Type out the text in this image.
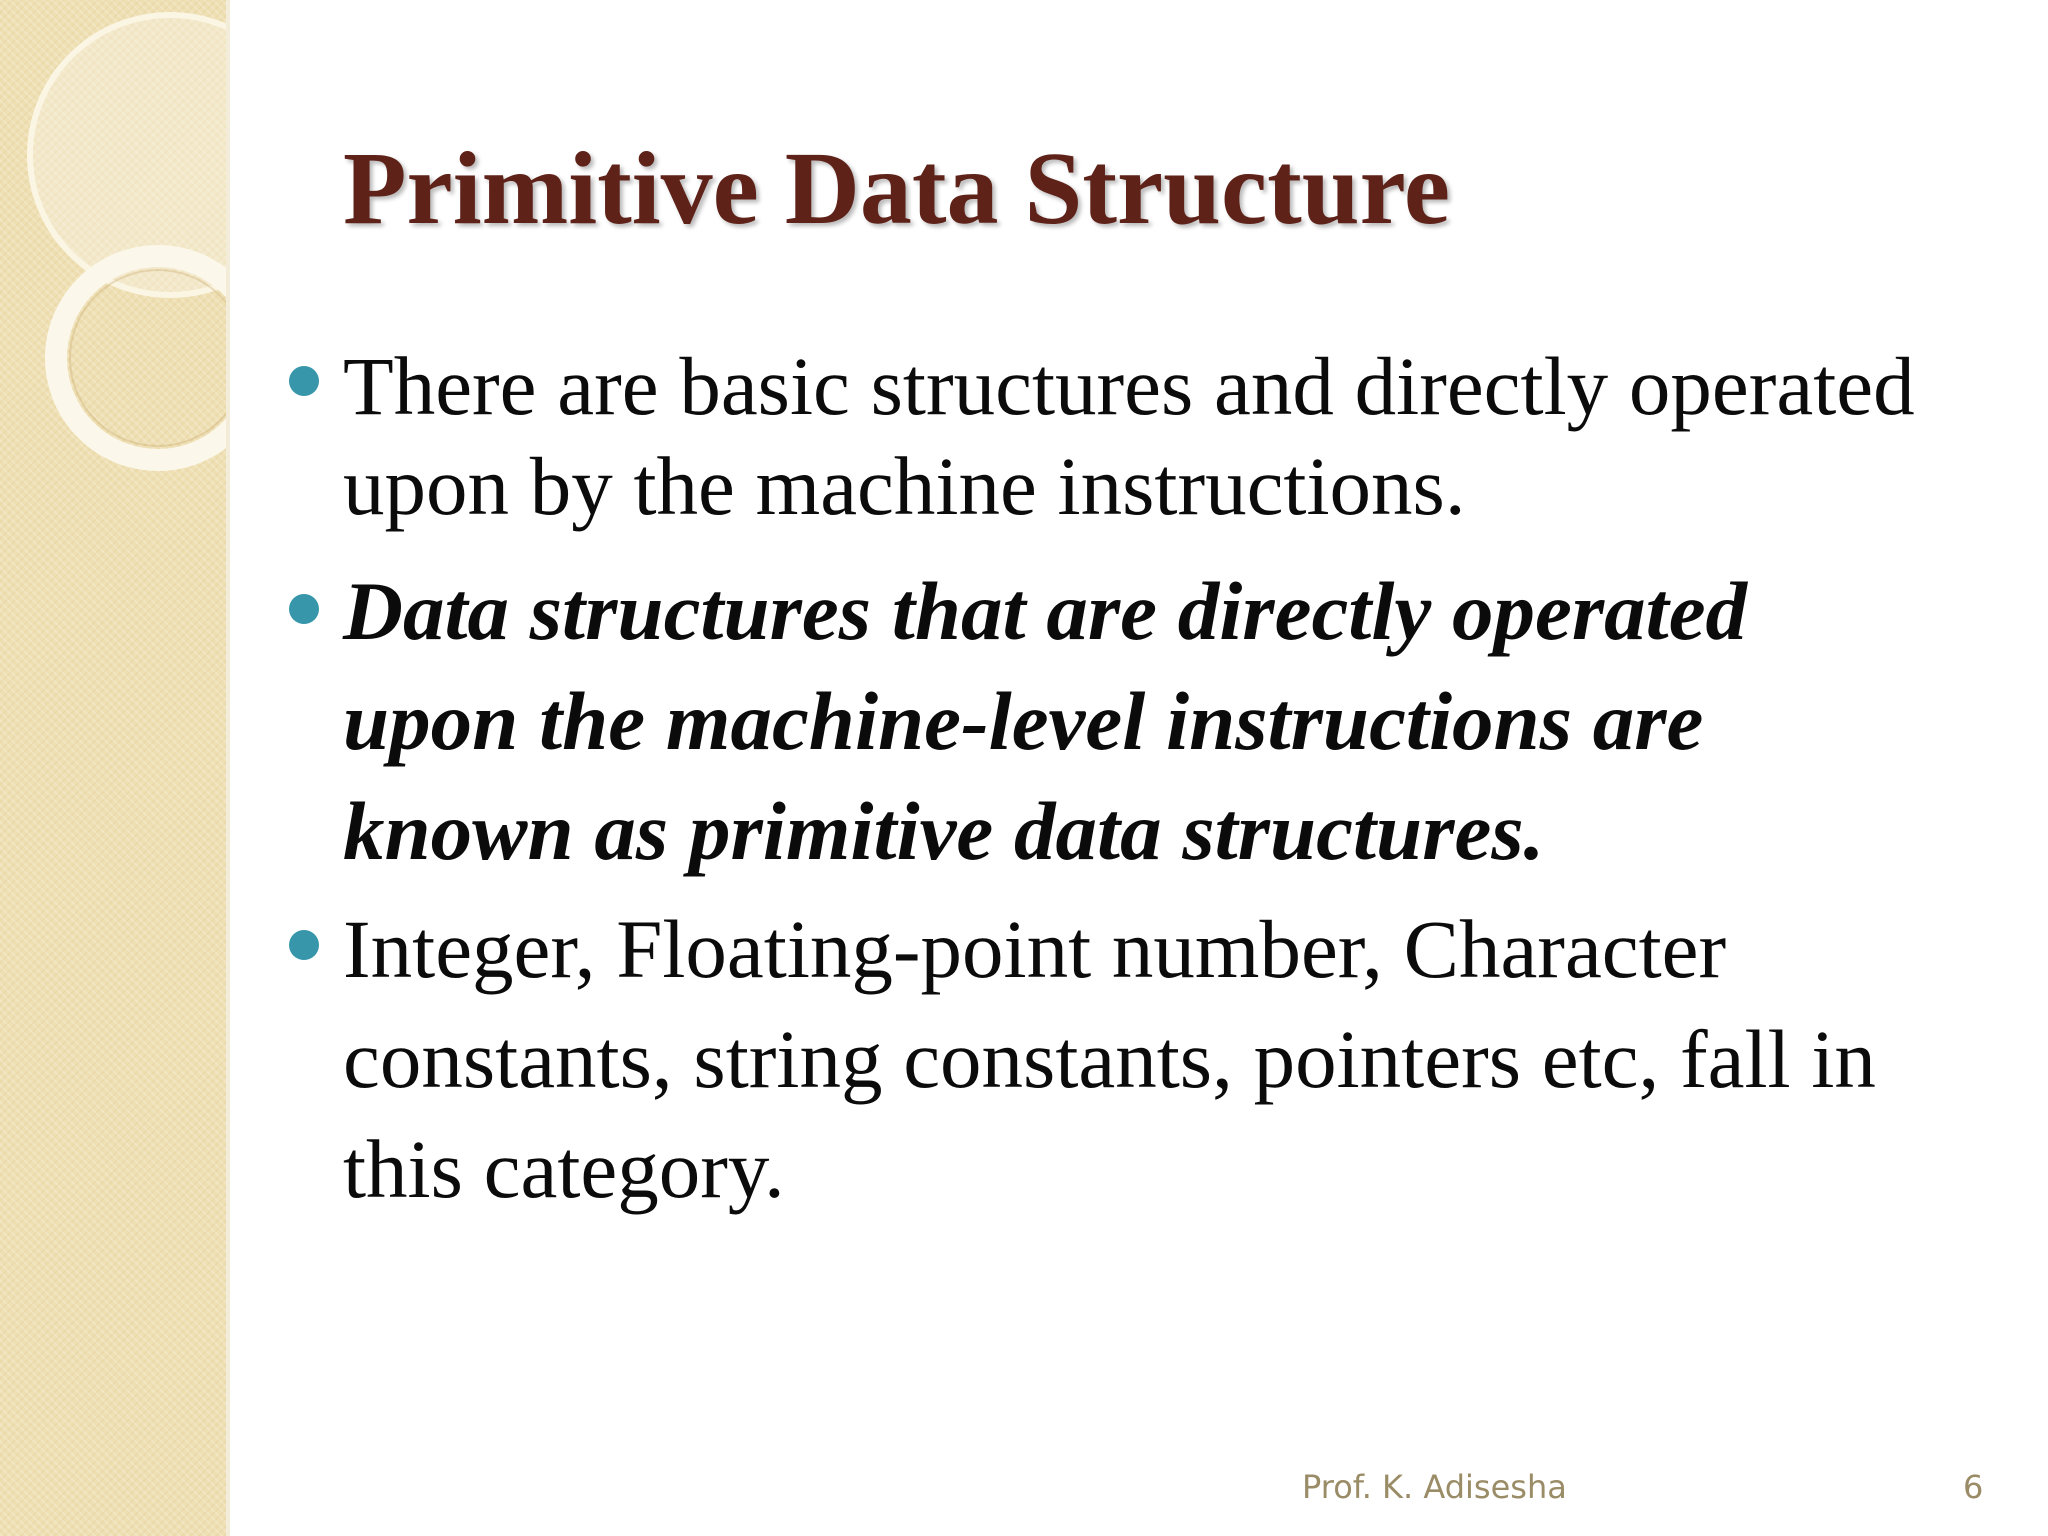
Primitive Data Structure
There are basic structures and directly operated upon by the machine instructions.
Data structures that are directly operated upon the machine-level instructions are known as primitive data structures.
Integer, Floating-point number, Character constants, string constants, pointers etc, fall in this category.
Prof. K. Adisesha	6
